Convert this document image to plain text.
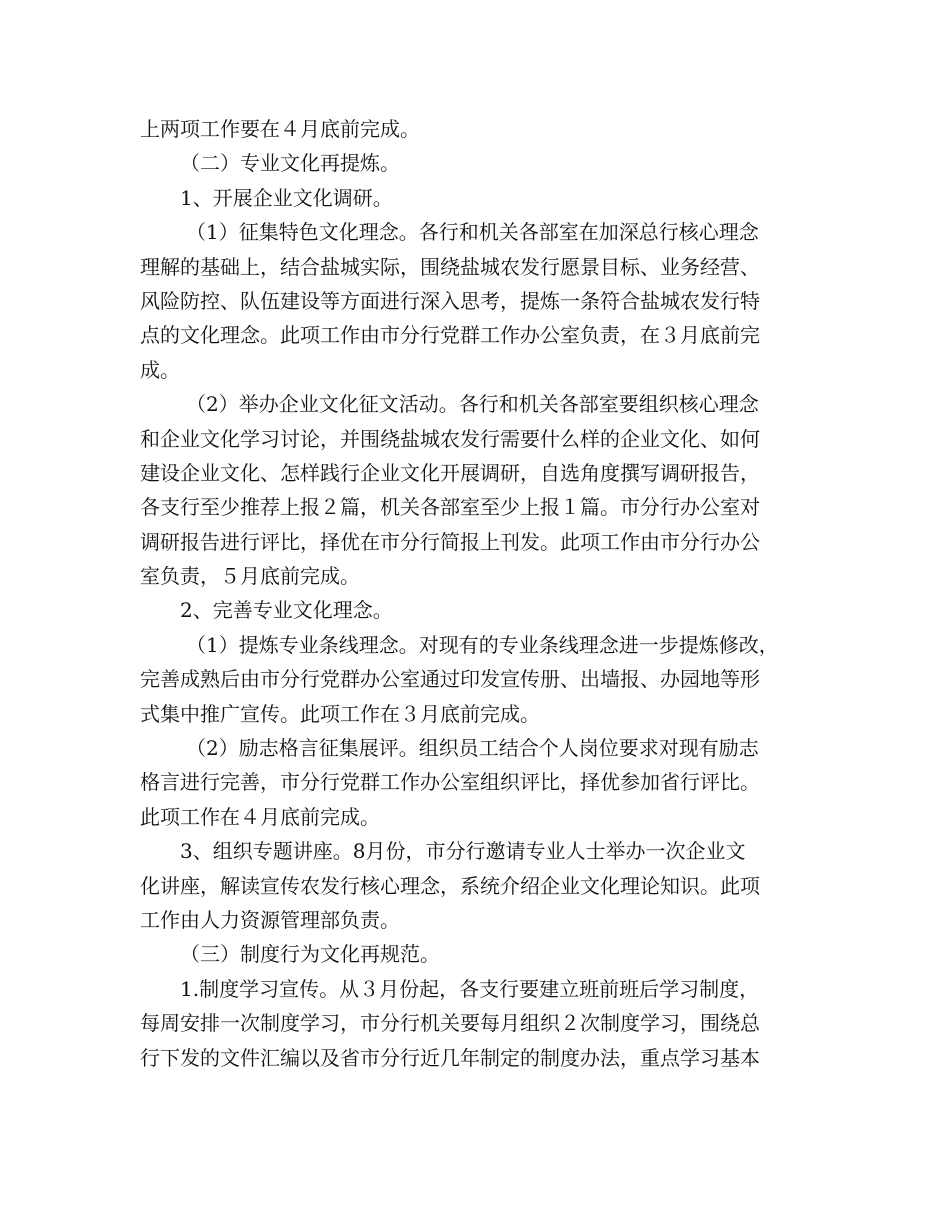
上两项工作要在４月底前完成。
（二）专业文化再提炼。
1、开展企业文化调研。
（1）征集特色文化理念。各行和机关各部室在加深总行核心理念
理解的基础上，结合盐城实际，围绕盐城农发行愿景目标、业务经营、
风险防控、队伍建设等方面进行深入思考，提炼一条符合盐城农发行特
点的文化理念。此项工作由市分行党群工作办公室负责，在３月底前完
成。
（2）举办企业文化征文活动。各行和机关各部室要组织核心理念
和企业文化学习讨论，并围绕盐城农发行需要什么样的企业文化、如何
建设企业文化、怎样践行企业文化开展调研，自选角度撰写调研报告，
各支行至少推荐上报２篇，机关各部室至少上报１篇。市分行办公室对
调研报告进行评比，择优在市分行简报上刊发。此项工作由市分行办公
室负责，５月底前完成。
2、完善专业文化理念。
（1）提炼专业条线理念。对现有的专业条线理念进一步提炼修改，
完善成熟后由市分行党群办公室通过印发宣传册、出墙报、办园地等形
式集中推广宣传。此项工作在３月底前完成。
（2）励志格言征集展评。组织员工结合个人岗位要求对现有励志
格言进行完善，市分行党群工作办公室组织评比，择优参加省行评比。
此项工作在４月底前完成。
3、组织专题讲座。8月份，市分行邀请专业人士举办一次企业文
化讲座，解读宣传农发行核心理念，系统介绍企业文化理论知识。此项
工作由人力资源管理部负责。
（三）制度行为文化再规范。
1.制度学习宣传。从３月份起，各支行要建立班前班后学习制度，
每周安排一次制度学习，市分行机关要每月组织２次制度学习，围绕总
行下发的文件汇编以及省市分行近几年制定的制度办法，重点学习基本
